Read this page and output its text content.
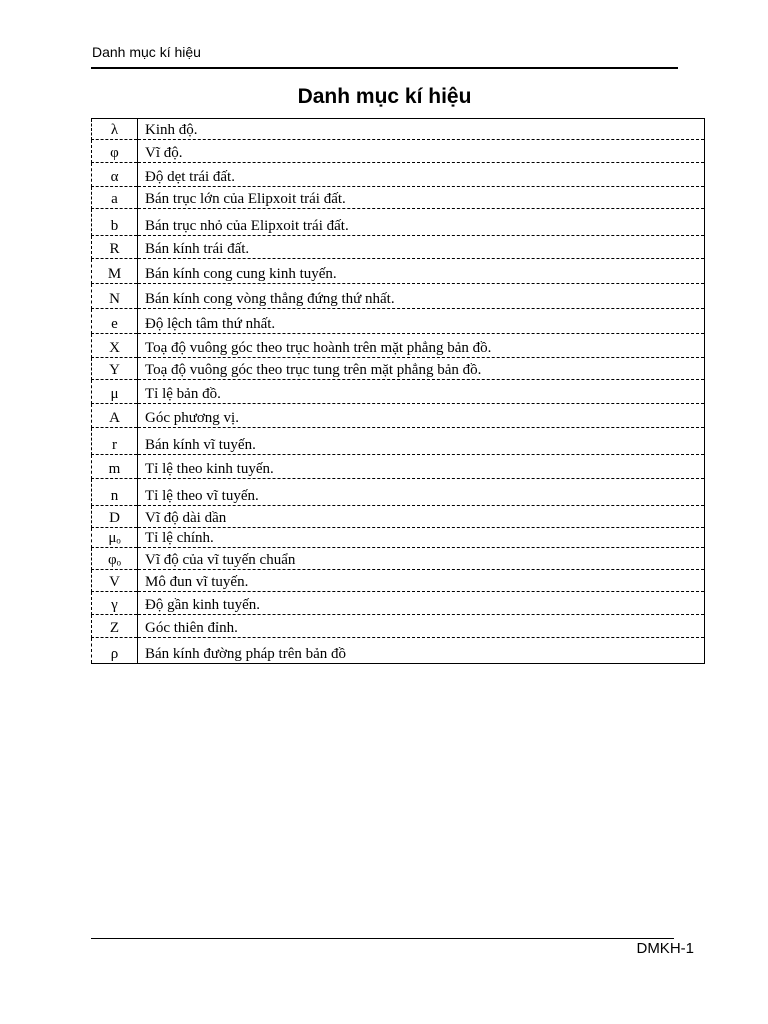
Danh mục kí hiệu
Danh mục kí hiệu
λ	Kinh độ.
φ	Vĩ độ.
α	Độ dẹt trái đất.
a	Bán trục lớn của Elipxoit trái đất.
b	Bán trục nhỏ của Elipxoit trái đất.
R	Bán kính trái đất.
M	Bán kính cong cung kinh tuyến.
N	Bán kính cong vòng thẳng đứng thứ nhất.
e	Độ lệch tâm thứ nhất.
X	Toạ độ vuông góc theo trục hoành trên mặt phẳng bản đồ.
Y	Toạ độ vuông góc theo trục tung trên mặt phẳng bản đồ.
μ	Tỉ lệ bản đồ.
A	Góc phương vị.
r	Bán kính vĩ tuyến.
m	Tỉ lệ theo kinh tuyến.
n	Tỉ lệ theo vĩ tuyến.
D	Vĩ độ dài dần
μₒ	Tỉ lệ chính.
φₒ	Vĩ độ của vĩ tuyến chuẩn
V	Mô đun vĩ tuyến.
γ	Độ gần kinh tuyến.
Z	Góc thiên đỉnh.
ρ	Bán kính đường pháp trên bản đồ
DMKH-1
